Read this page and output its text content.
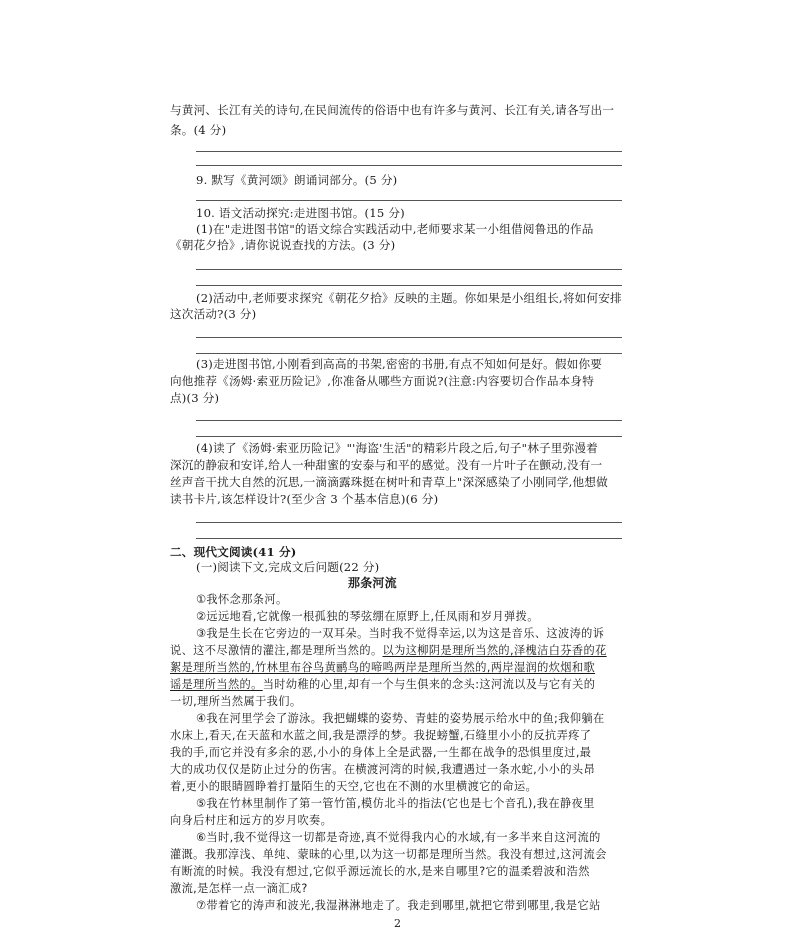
与黄河、长江有关的诗句,在民间流传的俗语中也有许多与黄河、长江有关,请各写出一
条。(4 分)
9. 默写《黄河颂》朗诵词部分。(5 分)
10. 语文活动探究:走进图书馆。(15 分)
(1)在"走进图书馆"的语文综合实践活动中,老师要求某一小组借阅鲁迅的作品
《朝花夕拾》,请你说说查找的方法。(3 分)
(2)活动中,老师要求探究《朝花夕拾》反映的主题。你如果是小组组长,将如何安排
这次活动?(3 分)
(3)走进图书馆,小刚看到高高的书架,密密的书册,有点不知如何是好。假如你要
向他推荐《汤姆·索亚历险记》,你准备从哪些方面说?(注意:内容要切合作品本身特
点)(3 分)
(4)读了《汤姆·索亚历险记》"'海盗'生活"的精彩片段之后,句子"林子里弥漫着
深沉的静寂和安详,给人一种甜蜜的安泰与和平的感觉。没有一片叶子在颤动,没有一
丝声音干扰大自然的沉思,一滴滴露珠挺在树叶和青草上"深深感染了小刚同学,他想做
读书卡片,该怎样设计?(至少含 3 个基本信息)(6 分)
二、现代文阅读(41 分)
(一)阅读下文,完成文后问题(22 分)
那条河流
①我怀念那条河。
②远远地看,它就像一根孤独的琴弦绷在原野上,任凤雨和岁月弹拨。
③我是生长在它旁边的一双耳朵。当时我不觉得幸运,以为这是音乐、这波涛的诉
说、这不尽激情的灌注,都是理所当然的。以为这柳阴是理所当然的,泽槐洁白芬香的花
絮是理所当然的,竹林里布谷鸟黄鹂鸟的啼鸣两岸是理所当然的,两岸湿润的炊烟和歌
谣是理所当然的。当时幼稚的心里,却有一个与生俱来的念头:这河流以及与它有关的
一切,理所当然属于我们。
④我在河里学会了游泳。我把蝴蝶的姿势、青蛙的姿势展示给水中的鱼;我仰躺在
水床上,看天,在天蓝和水蓝之间,我是漂浮的梦。我捉螃蟹,石缝里小小的反抗弄疼了
我的手,而它并没有多余的恶,小小的身体上全是武器,一生都在战争的恐惧里度过,最
大的成功仅仅是防止过分的伤害。在横渡河湾的时候,我遭遇过一条水蛇,小小的头昂
着,更小的眼睛圆睁着打量陌生的天空,它也在不测的水里横渡它的命运。
⑤我在竹林里制作了第一管竹笛,模仿北斗的指法(它也是七个音孔),我在静夜里
向身后村庄和远方的岁月吹奏。
⑥当时,我不觉得这一切都是奇迹,真不觉得我内心的水域,有一多半来自这河流的
灌溉。我那淳浅、单纯、蒙昧的心里,以为这一切都是理所当然。我没有想过,这河流会
有断流的时候。我没有想过,它似乎源远流长的水,是来自哪里?它的温柔碧波和浩然
激流,是怎样一点一滴汇成?
⑦带着它的涛声和波光,我湿淋淋地走了。我走到哪里,就把它带到哪里,我是它站
2
